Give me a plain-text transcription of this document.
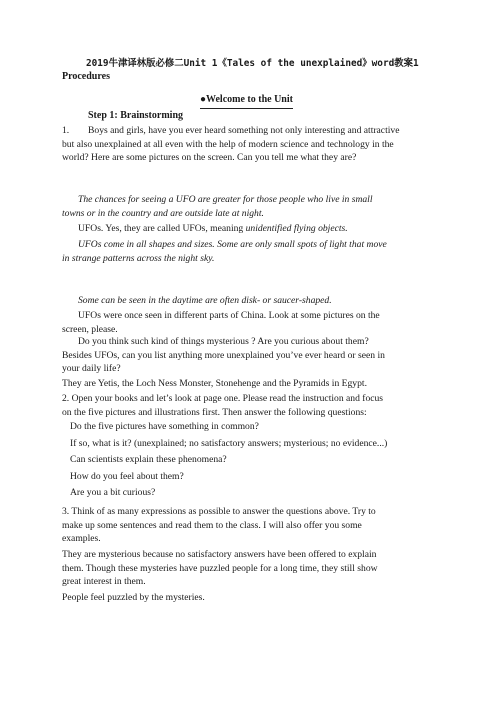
2019牛津译林版必修二Unit 1《Tales of the unexplained》word教案1
Procedures
●Welcome to the Unit
Step 1: Brainstorming
1. Boys and girls, have you ever heard something not only interesting and attractive
but also unexplained at all even with the help of modern science and technology in the
world? Here are some pictures on the screen. Can you tell me what they are?
The chances for seeing a UFO are greater for those people who live in small
towns or in the country and are outside late at night.
UFOs. Yes, they are called UFOs, meaning unidentified flying objects.
UFOs come in all shapes and sizes. Some are only small spots of light that move
in strange patterns across the night sky.
Some can be seen in the daytime are often disk- or saucer-shaped.
UFOs were once seen in different parts of China. Look at some pictures on the
screen, please.
Do you think such kind of things mysterious ? Are you curious about them?
Besides UFOs, can you list anything more unexplained you’ve ever heard or seen in
your daily life?
They are Yetis, the Loch Ness Monster, Stonehenge and the Pyramids in Egypt.
2. Open your books and let’s look at page one. Please read the instruction and focus
on the five pictures and illustrations first. Then answer the following questions:
Do the five pictures have something in common?
If so, what is it? (unexplained; no satisfactory answers; mysterious; no evidence...)
Can scientists explain these phenomena?
How do you feel about them?
Are you a bit curious?
3. Think of as many expressions as possible to answer the questions above. Try to
make up some sentences and read them to the class. I will also offer you some
examples.
They are mysterious because no satisfactory answers have been offered to explain
them. Though these mysteries have puzzled people for a long time, they still show
great interest in them.
People feel puzzled by the mysteries.
